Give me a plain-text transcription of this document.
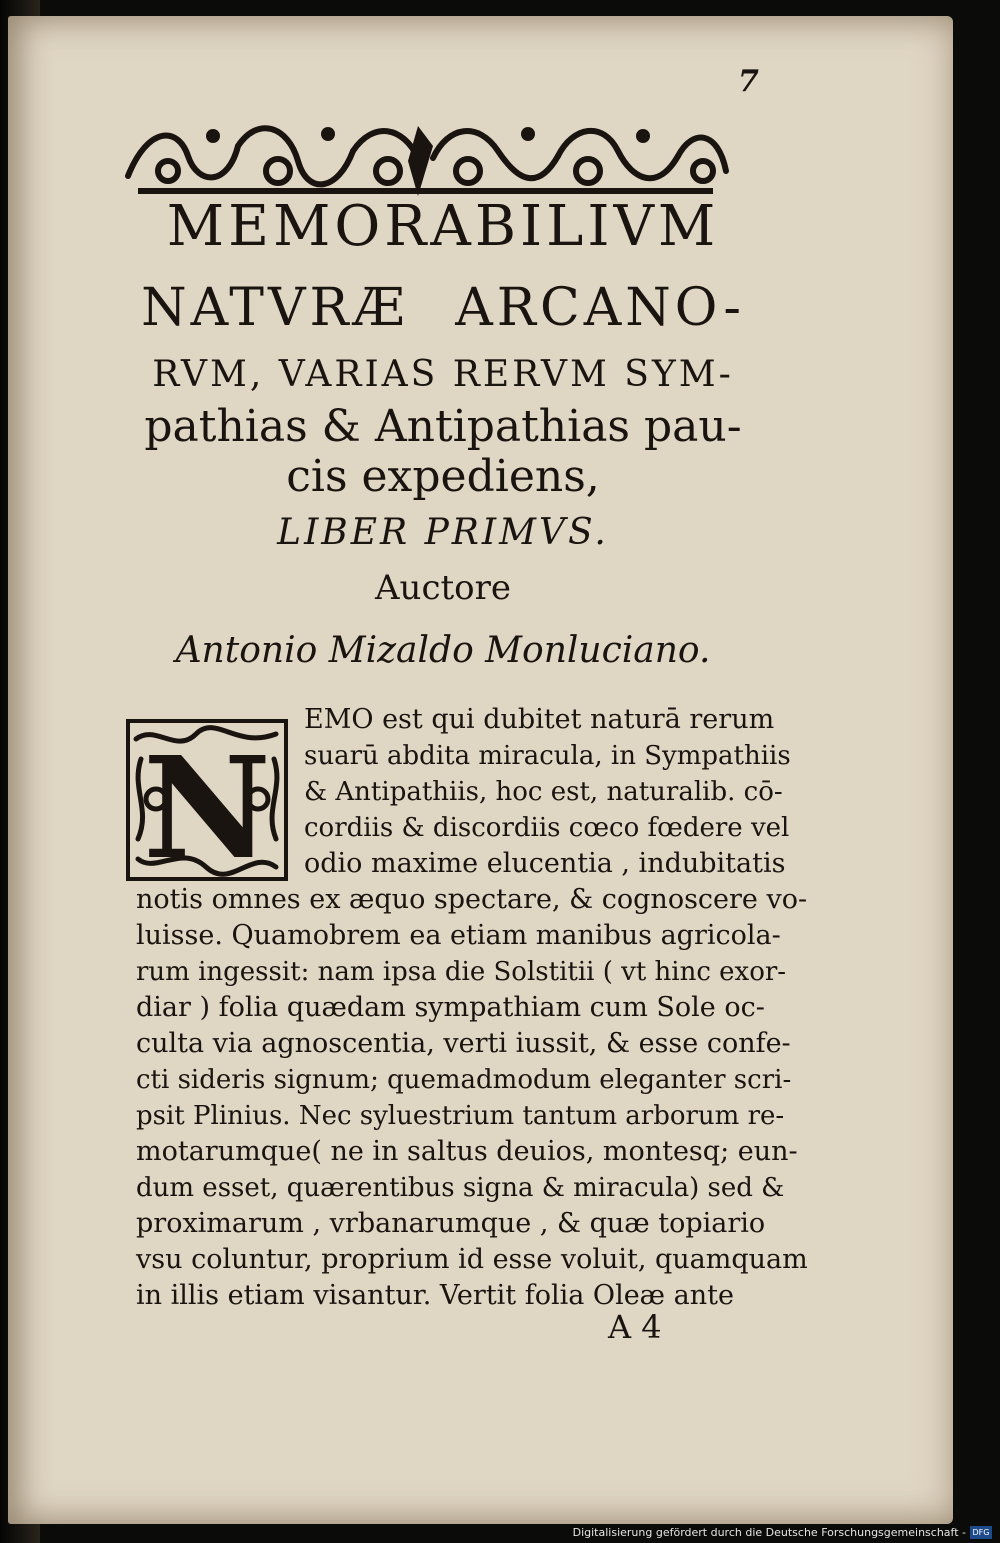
7
MEMORABILIVM
NATVRÆ ARCANO-
RVM, VARIAS RERVM SYM-
pathias & Antipathias pau-
cis expediens,
LIBER PRIMVS.
Auctore
Antonio Mizaldo Monluciano.
N
EMO est qui dubitet naturā rerum
suarū abdita miracula, in Sympathiis
& Antipathiis, hoc est, naturalib. cō-
cordiis & discordiis cœco fœdere vel
odio maxime elucentia , indubitatis
notis omnes ex æquo spectare, & cognoscere vo-
luisse. Quamobrem ea etiam manibus agricola-
rum ingessit: nam ipsa die Solstitii ( vt hinc exor-
diar ) folia quædam sympathiam cum Sole oc-
culta via agnoscentia, verti iussit, & esse confe-
cti sideris signum; quemadmodum eleganter scri-
psit Plinius. Nec syluestrium tantum arborum re-
motarumque( ne in saltus deuios, montesq; eun-
dum esset, quærentibus signa & miracula) sed &
proximarum , vrbanarumque , & quæ topiario
vsu coluntur, proprium id esse voluit, quamquam
in illis etiam visantur. Vertit folia Oleæ ante
A 4
Digitalisierung gefördert durch die Deutsche Forschungsgemeinschaft - DFG
